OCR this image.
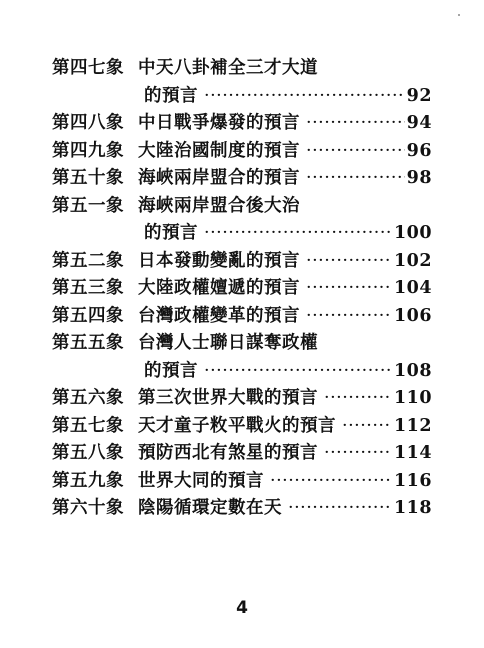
第四七象 中天八卦補全三才大道
的預言 ·····	92
第四八象 中日戰爭爆發的預言 ·····	94
第四九象 大陸治國制度的預言 ·····	96
第五十象 海峽兩岸盟合的預言 ·····	98
第五一象 海峽兩岸盟合後大治
的預言 ·····	100
第五二象 日本發動變亂的預言 ·····	102
第五三象 大陸政權嬗遞的預言 ·····	104
第五四象 台灣政權變革的預言 ·····	106
第五五象 台灣人士聯日謀奪政權
的預言 ·····	108
第五六象 第三次世界大戰的預言 ·····	110
第五七象 天才童子敉平戰火的預言 ·····	112
第五八象 預防西北有煞星的預言 ·····	114
第五九象 世界大同的預言 ·····	116
第六十象 陰陽循環定數在天 ·····	118
4
